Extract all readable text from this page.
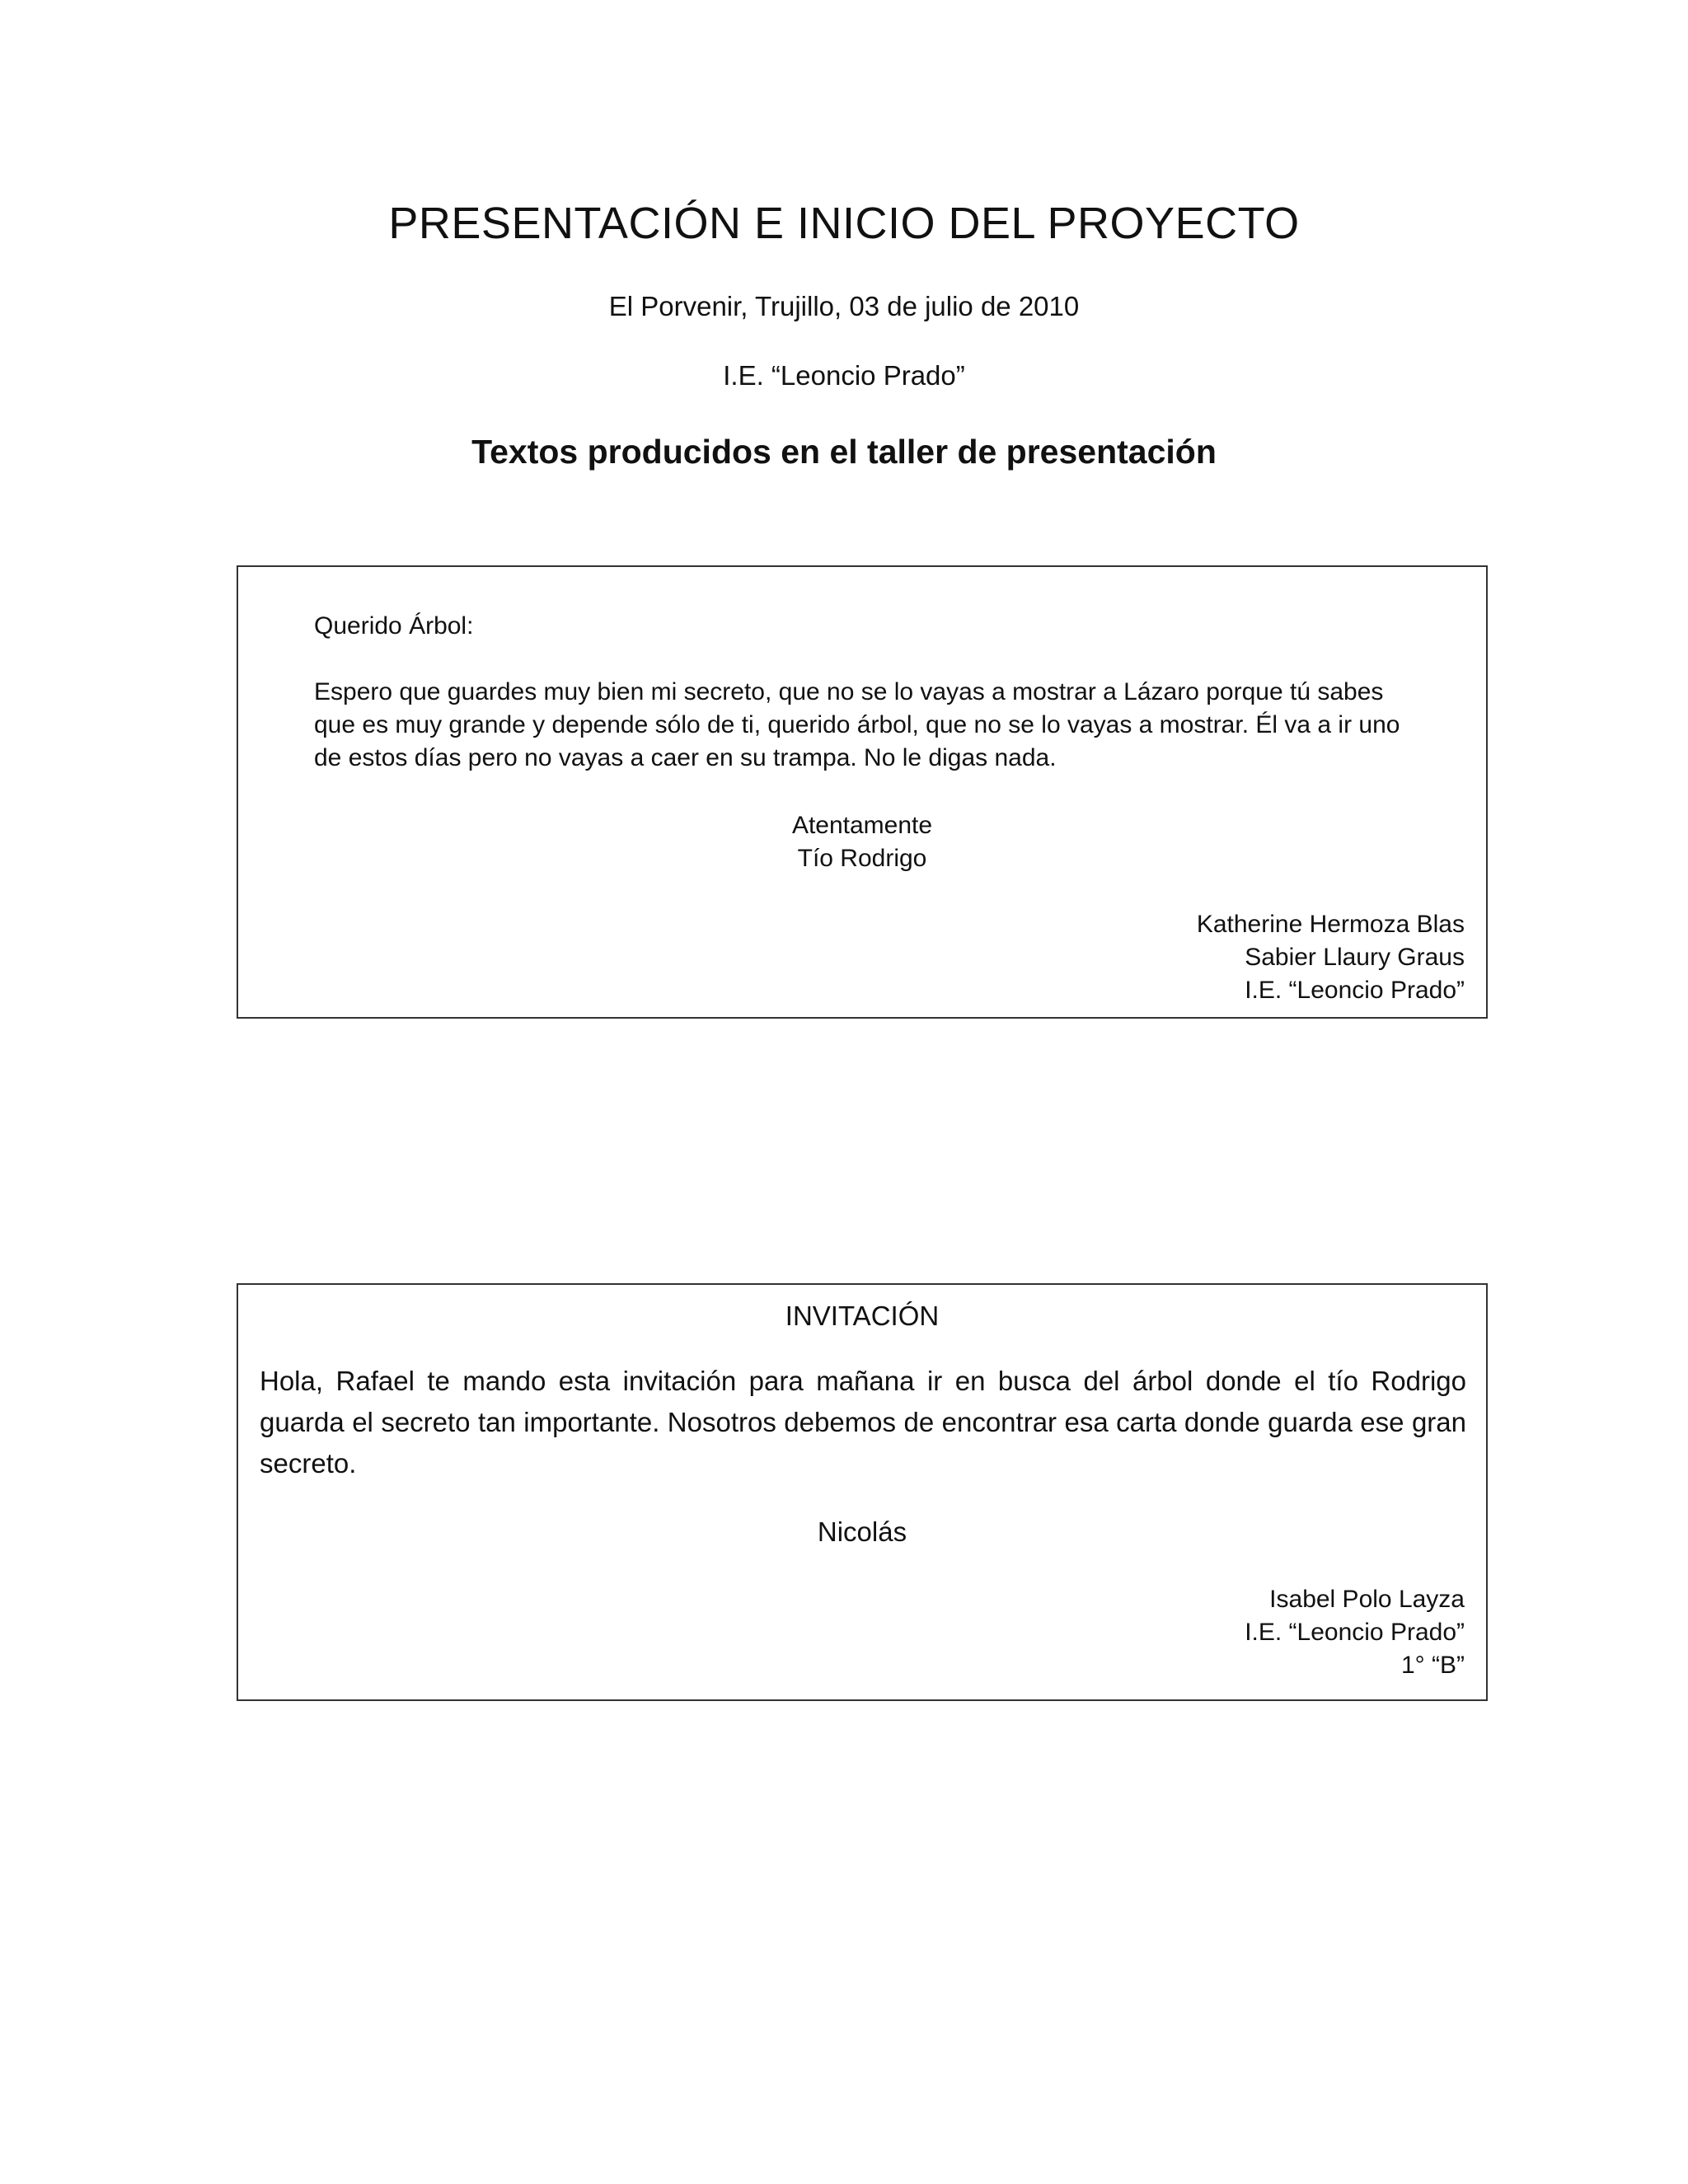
PRESENTACIÓN E INICIO DEL PROYECTO
El Porvenir, Trujillo, 03 de julio de 2010
I.E. “Leoncio Prado”
Textos producidos en el taller de presentación
Querido Árbol:

Espero que guardes muy bien mi secreto, que no se lo vayas a mostrar a Lázaro porque tú sabes que es muy grande y depende sólo de ti, querido árbol, que no se lo vayas a mostrar. Él va a ir uno de estos días pero no vayas a caer en su trampa. No le digas nada.

Atentamente
Tío Rodrigo
Katherine Hermoza Blas
Sabier Llaury Graus
I.E. “Leoncio Prado”
INVITACIÓN

Hola, Rafael te mando esta invitación para mañana ir en busca del árbol donde el tío Rodrigo guarda el secreto tan importante. Nosotros debemos de encontrar esa carta donde guarda ese gran secreto.

Nicolás
Isabel Polo Layza
I.E. “Leoncio Prado”
1° “B”
